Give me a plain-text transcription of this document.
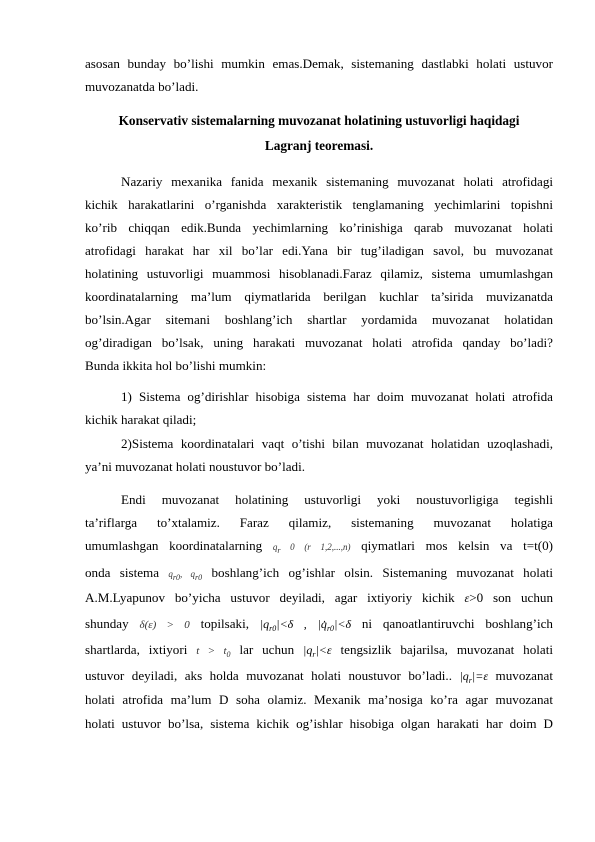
asosan bunday bo’lishi mumkin emas.Demak, sistemaning dastlabki holati ustuvor
muvozanatda bo’ladi.
Konservativ sistemalarning muvozanat holatining ustuvorligi haqidagi
Lagranj teoremasi.
Nazariy mexanika fanida mexanik sistemaning muvozanat holati atrofidagi
kichik harakatlarini o’rganishda xarakteristik tenglamaning yechimlarini topishni
ko’rib chiqqan edik.Bunda yechimlarning ko’rinishiga qarab muvozanat holati
atrofidagi harakat har xil bo’lar edi.Yana bir tug’iladigan savol, bu muvozanat
holatining ustuvorligi muammosi hisoblanadi.Faraz qilamiz, sistema umumlashgan
koordinatalarning ma’lum qiymatlarida berilgan kuchlar ta’sirida muvizanatda
bo’lsin.Agar sitemani boshlang’ich shartlar yordamida muvozanat holatidan
og’diradigan bo’lsak, uning harakati muvozanat holati atrofida qanday bo’ladi?
Bunda ikkita hol bo’lishi mumkin:
1) Sistema og’dirishlar hisobiga sistema har doim muvozanat holati atrofida
kichik harakat qiladi;
2)Sistema koordinatalari vaqt o’tishi bilan muvozanat holatidan uzoqlashadi,
ya’ni muvozanat holati noustuvor bo’ladi.
Endi muvozanat holatining ustuvorligi yoki noustuvorligiga tegishli
ta’riflarga to’xtalamiz. Faraz qilamiz, sistemaning muvozanat holatiga
umumlashgan koordinatalarning qr 0 (r 1,2,...,n) qiymatlari mos kelsin va t=t(0)
onda sistema qr0, qr0 boshlang’ich og’ishlar olsin. Sistemaning muvozanat holati
A.M.Lyapunov bo’yicha ustuvor deyiladi, agar ixtiyoriy kichik ε>0 son uchun
shunday δ(ε) > 0 topilsaki, $|q_{r0}|<\delta$ , $|q̇_{r0}|<\delta$ ni qanoatlantiruvchi boshlang’ich
shartlarda, ixtiyori $t > t_0$ lar uchun $|q_r|<\varepsilon$ tengsizlik bajarilsa, muvozanat holati
ustuvor deyiladi, aks holda muvozanat holati noustuvor bo’ladi.. $|q_r|=\varepsilon$ muvozanat
holati atrofida ma’lum D soha olamiz. Mexanik ma’nosiga ko’ra agar muvozanat
holati ustuvor bo’lsa, sistema kichik og’ishlar hisobiga olgan harakati har doim D
